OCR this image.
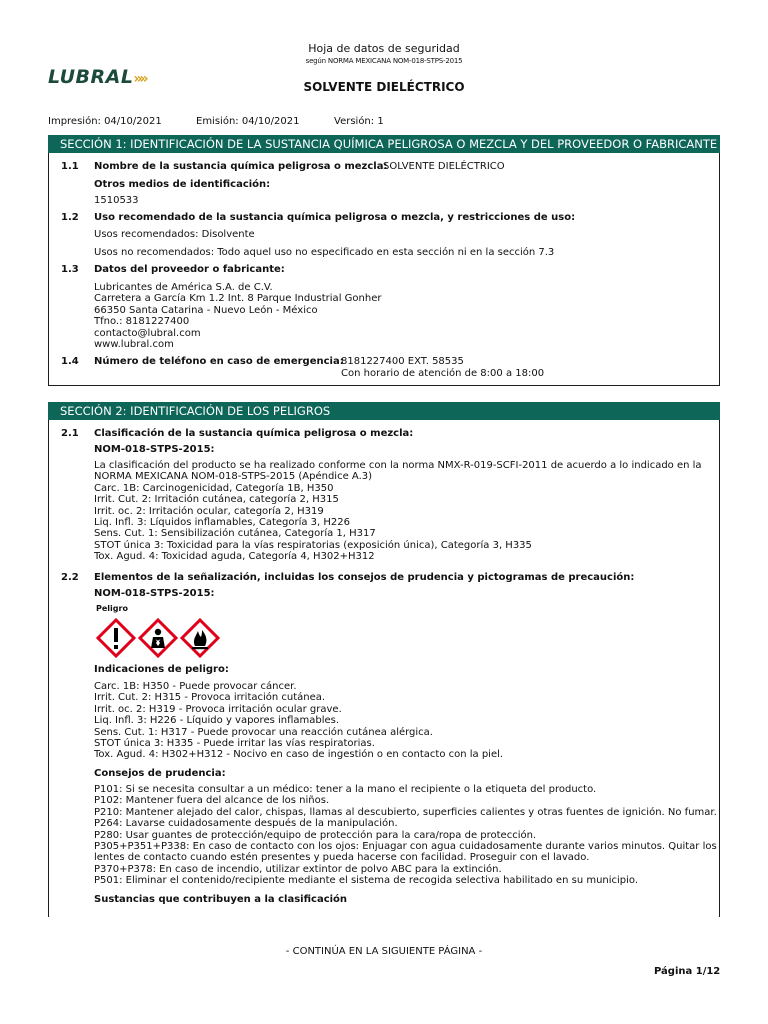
Hoja de datos de seguridad
según NORMA MEXICANA NOM-018-STPS-2015
LUBRAL»»	SOLVENTE DIELÉCTRICO
Impresión: 04/10/2021	Emisión: 04/10/2021	Versión: 1
SECCIÓN 1: IDENTIFICACIÓN DE LA SUSTANCIA QUÍMICA PELIGROSA O MEZCLA Y DEL PROVEEDOR O FABRICANTE
1.1 Nombre de la sustancia química peligrosa o mezcla:
SOLVENTE DIELÉCTRICO
Otros medios de identificación:
1510533
1.2 Uso recomendado de la sustancia química peligrosa o mezcla, y restricciones de uso:
Usos recomendados: Disolvente
Usos no recomendados: Todo aquel uso no especificado en esta sección ni en la sección 7.3
1.3 Datos del proveedor o fabricante:
Lubricantes de América S.A. de C.V.
Carretera a García Km 1.2 Int. 8 Parque Industrial Gonher
66350 Santa Catarina - Nuevo León - México
Tfno.: 8181227400
contacto@lubral.com
www.lubral.com
1.4 Número de teléfono en caso de emergencia:
8181227400 EXT. 58535
Con horario de atención de 8:00 a 18:00
SECCIÓN 2: IDENTIFICACIÓN DE LOS PELIGROS
2.1 Clasificación de la sustancia química peligrosa o mezcla:
NOM-018-STPS-2015:
La clasificación del producto se ha realizado conforme con la norma NMX-R-019-SCFI-2011 de acuerdo a lo indicado en la
NORMA MEXICANA NOM-018-STPS-2015 (Apéndice A.3)
Carc. 1B: Carcinogenicidad, Categoría 1B, H350
Irrit. Cut. 2: Irritación cutánea, categoría 2, H315
Irrit. oc. 2: Irritación ocular, categoría 2, H319
Liq. Infl. 3: Líquidos inflamables, Categoría 3, H226
Sens. Cut. 1: Sensibilización cutánea, Categoría 1, H317
STOT única 3: Toxicidad para la vías respiratorias (exposición única), Categoría 3, H335
Tox. Agud. 4: Toxicidad aguda, Categoría 4, H302+H312
2.2 Elementos de la señalización, incluidas los consejos de prudencia y pictogramas de precaución:
NOM-018-STPS-2015:
Peligro
Indicaciones de peligro:
Carc. 1B: H350 - Puede provocar cáncer.
Irrit. Cut. 2: H315 - Provoca irritación cutánea.
Irrit. oc. 2: H319 - Provoca irritación ocular grave.
Liq. Infl. 3: H226 - Líquido y vapores inflamables.
Sens. Cut. 1: H317 - Puede provocar una reacción cutánea alérgica.
STOT única 3: H335 - Puede irritar las vías respiratorias.
Tox. Agud. 4: H302+H312 - Nocivo en caso de ingestión o en contacto con la piel.
Consejos de prudencia:
P101: Si se necesita consultar a un médico: tener a la mano el recipiente o la etiqueta del producto.
P102: Mantener fuera del alcance de los niños.
P210: Mantener alejado del calor, chispas, llamas al descubierto, superficies calientes y otras fuentes de ignición. No fumar.
P264: Lavarse cuidadosamente después de la manipulación.
P280: Usar guantes de protección/equipo de protección para la cara/ropa de protección.
P305+P351+P338: En caso de contacto con los ojos: Enjuagar con agua cuidadosamente durante varios minutos. Quitar los
lentes de contacto cuando estén presentes y pueda hacerse con facilidad. Proseguir con el lavado.
P370+P378: En caso de incendio, utilizar extintor de polvo ABC para la extinción.
P501: Eliminar el contenido/recipiente mediante el sistema de recogida selectiva habilitado en su municipio.
Sustancias que contribuyen a la clasificación
- CONTINÚA EN LA SIGUIENTE PÁGINA -
Página 1/12
